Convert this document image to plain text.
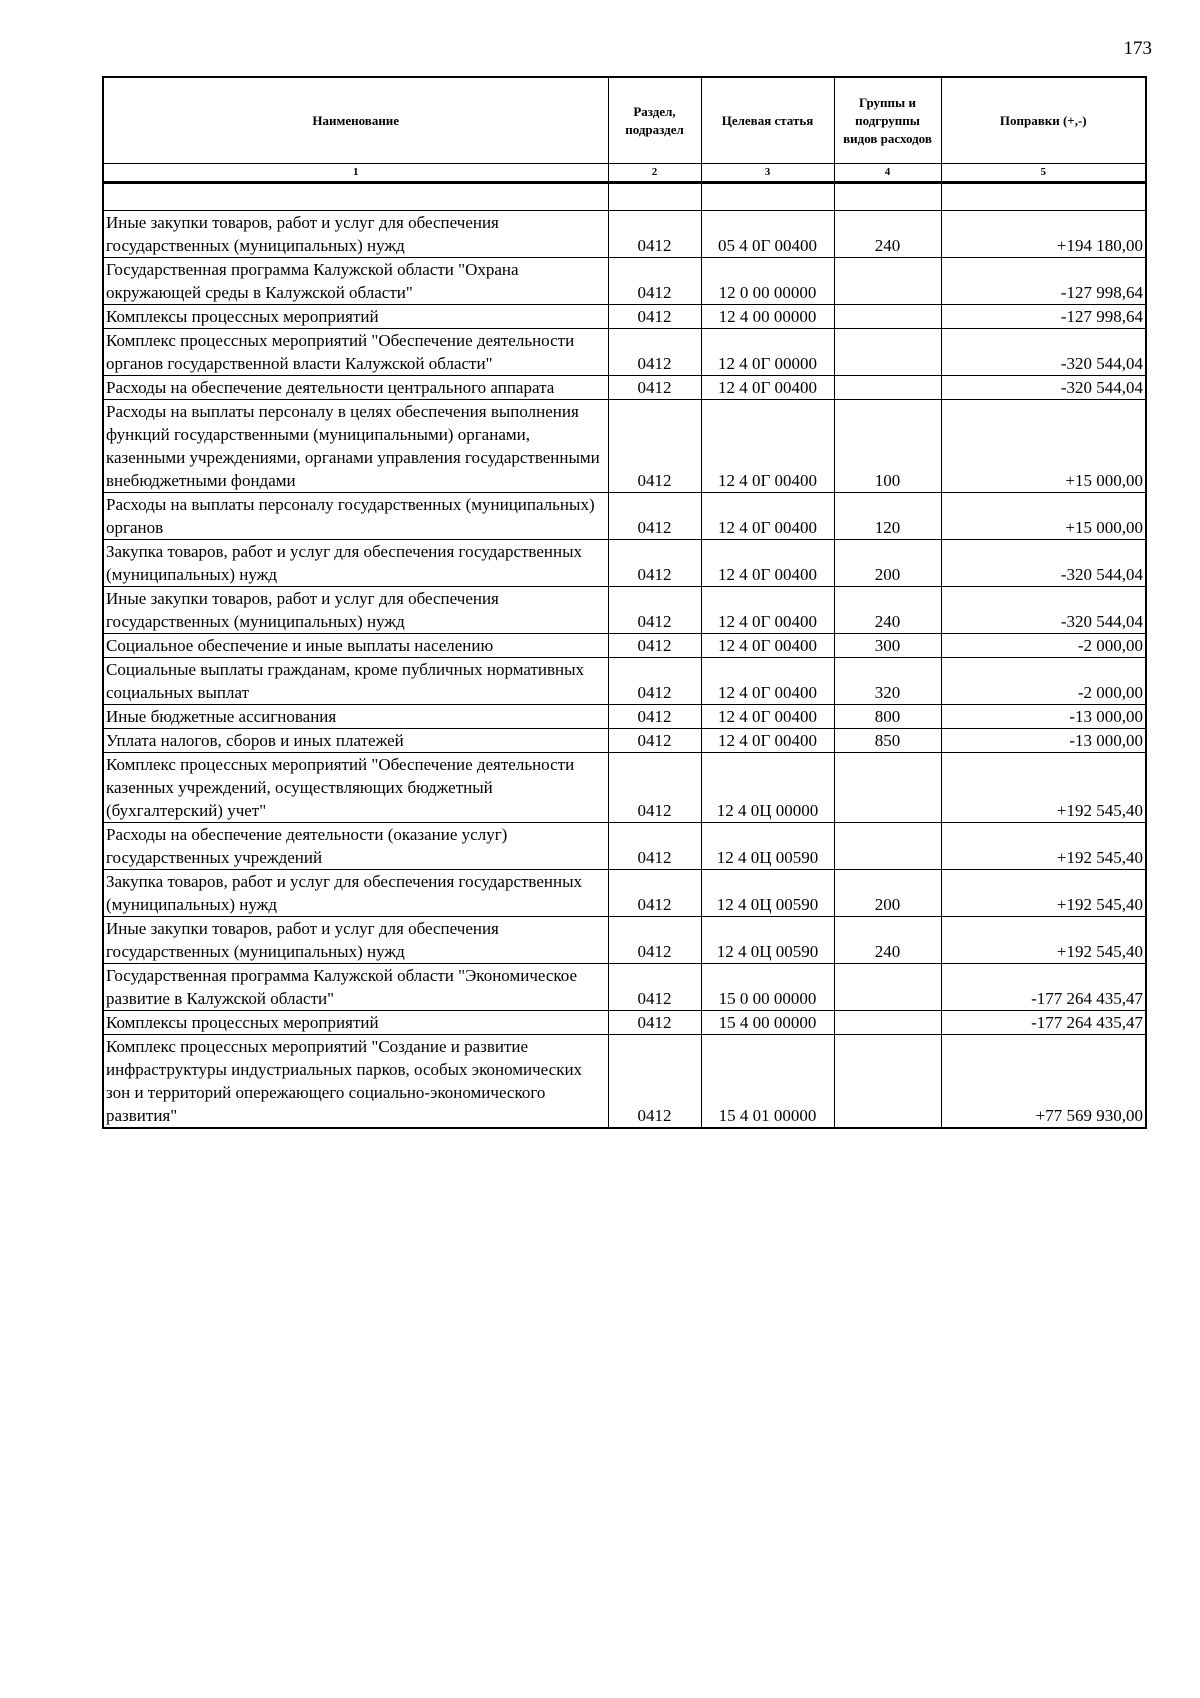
173
Наименование	Раздел, подраздел	Целевая статья	Группы и подгруппы видов расходов	Поправки (+,-)
1	2	3	4	5

Иные закупки товаров, работ и услуг для обеспечения государственных (муниципальных) нужд	0412	05 4 0Г 00400	240	+194 180,00
Государственная программа Калужской области "Охрана окружающей среды в Калужской области"	0412	12 0 00 00000		-127 998,64
Комплексы процессных мероприятий	0412	12 4 00 00000		-127 998,64
Комплекс процессных мероприятий "Обеспечение деятельности органов государственной власти Калужской области"	0412	12 4 0Г 00000		-320 544,04
Расходы на обеспечение деятельности центрального аппарата	0412	12 4 0Г 00400		-320 544,04
Расходы на выплаты персоналу в целях обеспечения выполнения функций государственными (муниципальными) органами, казенными учреждениями, органами управления государственными внебюджетными фондами	0412	12 4 0Г 00400	100	+15 000,00
Расходы на выплаты персоналу государственных (муниципальных) органов	0412	12 4 0Г 00400	120	+15 000,00
Закупка товаров, работ и услуг для обеспечения государственных (муниципальных) нужд	0412	12 4 0Г 00400	200	-320 544,04
Иные закупки товаров, работ и услуг для обеспечения государственных (муниципальных) нужд	0412	12 4 0Г 00400	240	-320 544,04
Социальное обеспечение и иные выплаты населению	0412	12 4 0Г 00400	300	-2 000,00
Социальные выплаты гражданам, кроме публичных нормативных социальных выплат	0412	12 4 0Г 00400	320	-2 000,00
Иные бюджетные ассигнования	0412	12 4 0Г 00400	800	-13 000,00
Уплата налогов, сборов и иных платежей	0412	12 4 0Г 00400	850	-13 000,00
Комплекс процессных мероприятий "Обеспечение деятельности казенных учреждений, осуществляющих бюджетный (бухгалтерский) учет"	0412	12 4 0Ц 00000		+192 545,40
Расходы на обеспечение деятельности (оказание услуг) государственных учреждений	0412	12 4 0Ц 00590		+192 545,40
Закупка товаров, работ и услуг для обеспечения государственных (муниципальных) нужд	0412	12 4 0Ц 00590	200	+192 545,40
Иные закупки товаров, работ и услуг для обеспечения государственных (муниципальных) нужд	0412	12 4 0Ц 00590	240	+192 545,40
Государственная программа Калужской области "Экономическое развитие в Калужской области"	0412	15 0 00 00000		-177 264 435,47
Комплексы процессных мероприятий	0412	15 4 00 00000		-177 264 435,47
Комплекс процессных мероприятий "Создание и развитие инфраструктуры индустриальных парков, особых экономических зон и территорий опережающего социально-экономического развития"	0412	15 4 01 00000		+77 569 930,00
